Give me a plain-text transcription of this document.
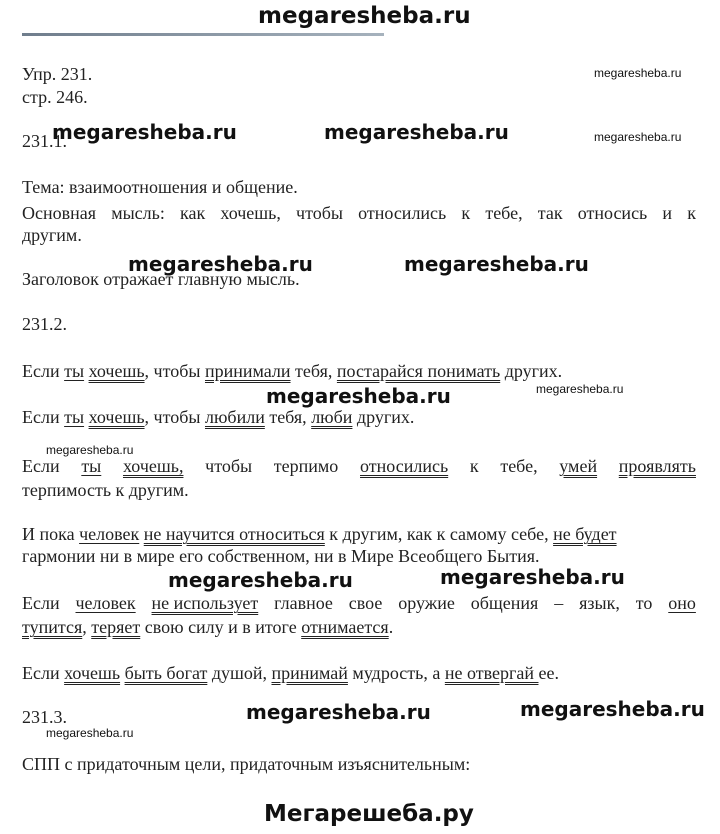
megaresheba.ru
Упр. 231.
стр. 246.
231.1.
Тема: взаимоотношения и общение.
Основная мысль: как хочешь, чтобы относились к тебе, так относись и к
другим.
Заголовок отражает главную мысль.
231.2.
Если ты хочешь, чтобы принимали тебя, постарайся понимать других.
Если ты хочешь, чтобы любили тебя, люби других.
Если ты хочешь, чтобы терпимо относились к тебе, умей проявлять
терпимость к другим.
И пока человек не научится относиться к другим, как к самому себе, не будет
гармонии ни в мире его собственном, ни в Мире Всеобщего Бытия.
Если человек не использует главное свое оружие общения – язык, то оно
тупится, теряет свою силу и в итоге отнимается.
Если хочешь быть богат душой, принимай мудрость, а не отвергай ее.
231.3.
СПП с придаточным цели, придаточным изъяснительным:
megaresheba.ru	megaresheba.ru
megaresheba.ru	megaresheba.ru
megaresheba.ru
megaresheba.ru	megaresheba.ru
megaresheba.ru	megaresheba.ru
megaresheba.ru
megaresheba.ru
megaresheba.ru
megaresheba.ru
megaresheba.ru
Мегарешеба.ру
